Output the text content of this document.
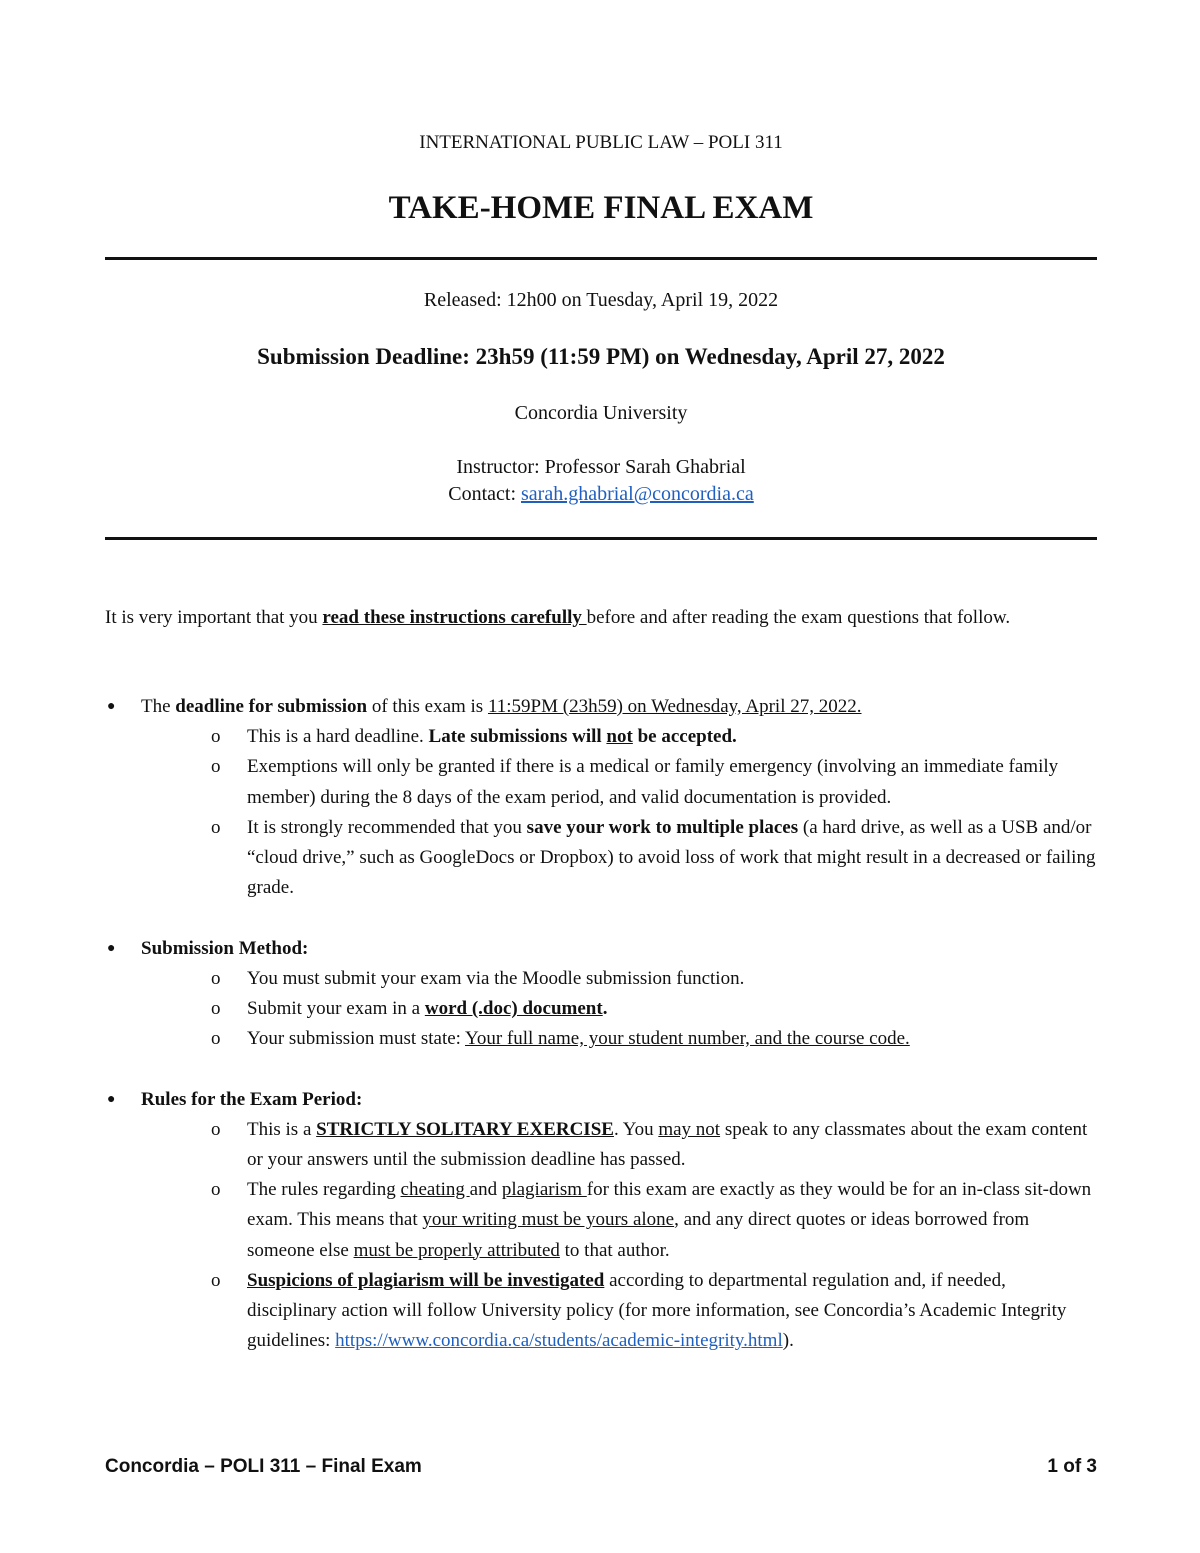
INTERNATIONAL PUBLIC LAW – POLI 311
TAKE-HOME FINAL EXAM
Released: 12h00 on Tuesday, April 19, 2022
Submission Deadline: 23h59 (11:59 PM) on Wednesday, April 27, 2022
Concordia University
Instructor: Professor Sarah Ghabrial
Contact: sarah.ghabrial@concordia.ca
It is very important that you read these instructions carefully before and after reading the exam questions that follow.
● The deadline for submission of this exam is 11:59PM (23h59) on Wednesday, April 27, 2022.
o This is a hard deadline. Late submissions will not be accepted.
o Exemptions will only be granted if there is a medical or family emergency (involving an immediate family member) during the 8 days of the exam period, and valid documentation is provided.
o It is strongly recommended that you save your work to multiple places (a hard drive, as well as a USB and/or “cloud drive,” such as GoogleDocs or Dropbox) to avoid loss of work that might result in a decreased or failing grade.
● Submission Method:
o You must submit your exam via the Moodle submission function.
o Submit your exam in a word (.doc) document.
o Your submission must state: Your full name, your student number, and the course code.
● Rules for the Exam Period:
o This is a STRICTLY SOLITARY EXERCISE. You may not speak to any classmates about the exam content or your answers until the submission deadline has passed.
o The rules regarding cheating and plagiarism for this exam are exactly as they would be for an in-class sit-down exam. This means that your writing must be yours alone, and any direct quotes or ideas borrowed from someone else must be properly attributed to that author.
o Suspicions of plagiarism will be investigated according to departmental regulation and, if needed, disciplinary action will follow University policy (for more information, see Concordia’s Academic Integrity guidelines: https://www.concordia.ca/students/academic-integrity.html).
Concordia – POLI 311 – Final Exam	1 of 3
